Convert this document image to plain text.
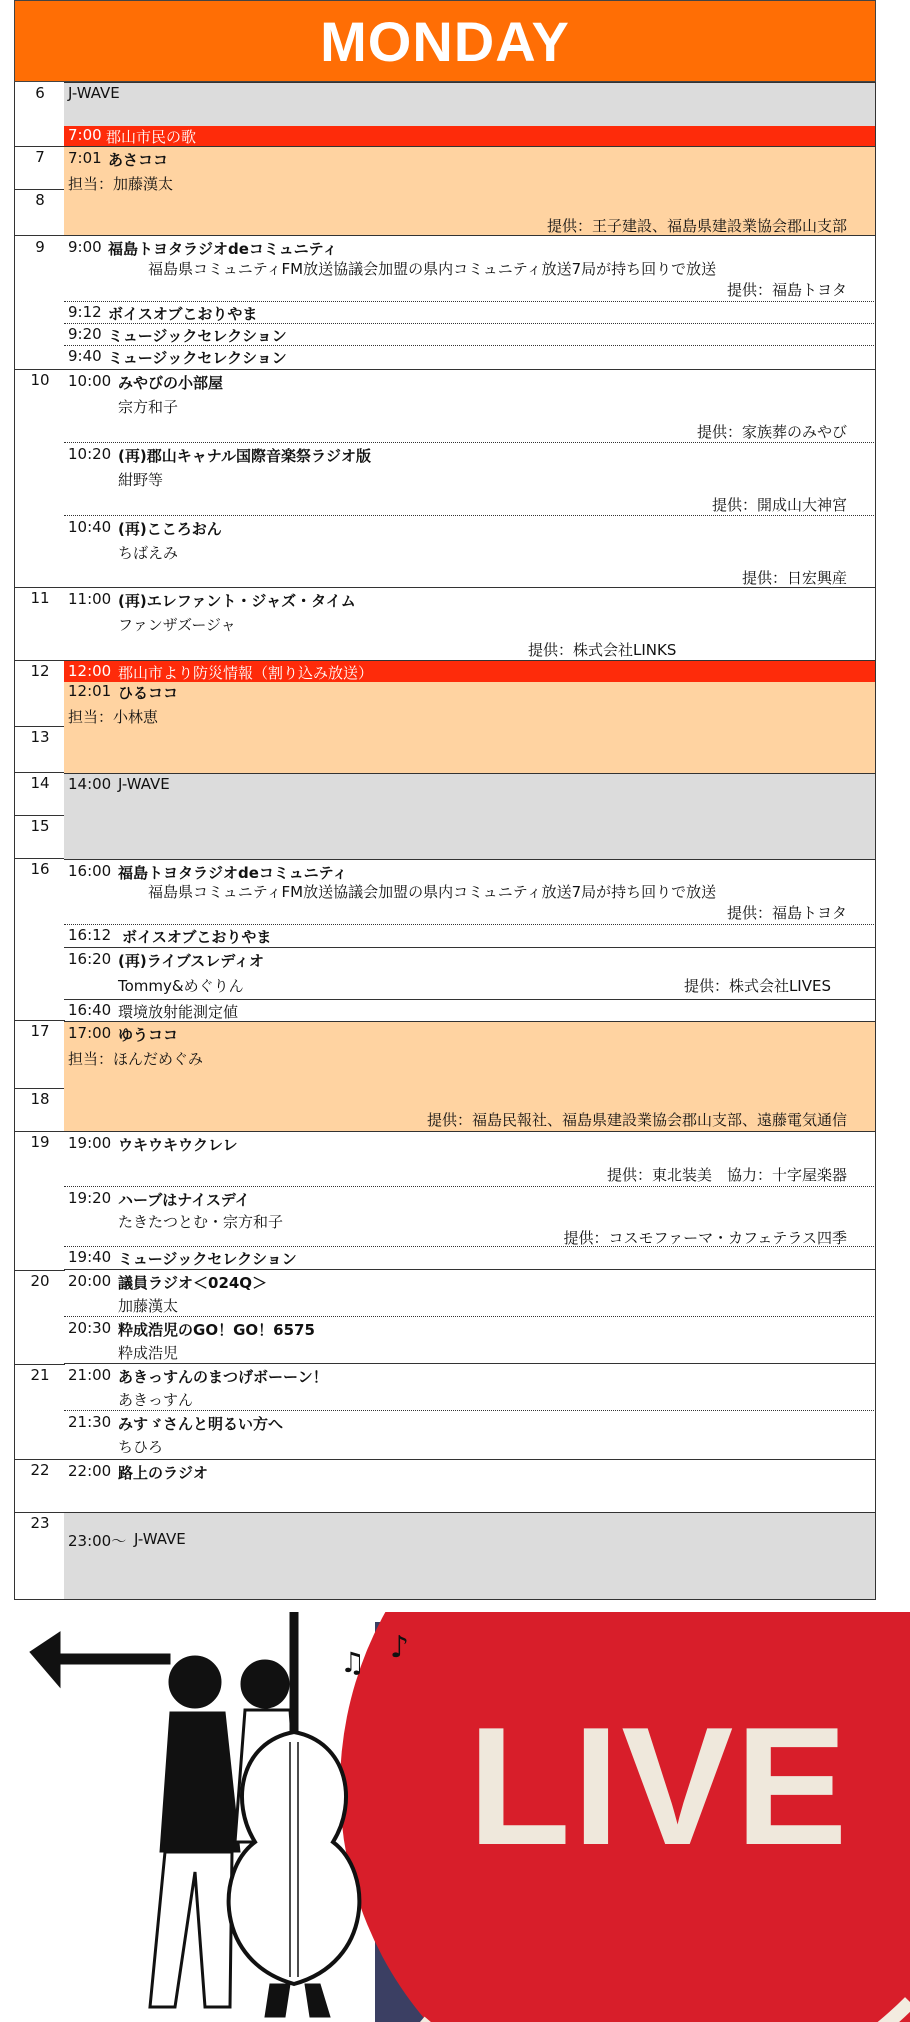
MONDAY
6
7
8
9
10
11
12
13
14
15
16
17
18
19
20
21
22
23
J-WAVE
7:00 郡山市民の歌
7:01 あさココ
担当：加藤漢太
提供：王子建設、福島県建設業協会郡山支部
9:00 福島トヨタラジオdeコミュニティ
福島県コミュニティFM放送協議会加盟の県内コミュニティ放送7局が持ち回りで放送
提供：福島トヨタ
9:12 ボイスオブこおりやま
9:20 ミュージックセレクション
9:40 ミュージックセレクション
10:00 みやびの小部屋
宗方和子
提供：家族葬のみやび
10:20 (再)郡山キャナル国際音楽祭ラジオ版
紺野等
提供：開成山大神宮
10:40 (再)こころおん
ちばえみ
提供：日宏興産
11:00 (再)エレファント・ジャズ・タイム
ファンザズージャ
提供：株式会社LINKS
12:00 郡山市より防災情報（割り込み放送）
12:01 ひるココ
担当：小林恵
14:00 J-WAVE
16:00 福島トヨタラジオdeコミュニティ
福島県コミュニティFM放送協議会加盟の県内コミュニティ放送7局が持ち回りで放送
提供：福島トヨタ
16:12 ボイスオブこおりやま
16:20 (再)ライブスレディオ
Tommy&めぐりん	提供：株式会社LIVES
16:40 環境放射能測定値
17:00 ゆうココ
担当：ほんだめぐみ
提供：福島民報社、福島県建設業協会郡山支部、遠藤電気通信
19:00 ウキウキウクレレ
提供：東北装美　協力：十字屋楽器
19:20 ハーブはナイスデイ
たきたつとむ・宗方和子
提供：コスモファーマ・カフェテラス四季
19:40 ミュージックセレクション
20:00 議員ラジオ＜024Q＞
加藤漢太
20:30 粋成浩児のGO！GO！6575
粋成浩児
21:00 あきっすんのまつげボーーン！
あきっすん
21:30 みすゞさんと明るい方へ
ちひろ
22:00 路上のラジオ
23:00〜 J-WAVE
♫ ♪
LIVE
